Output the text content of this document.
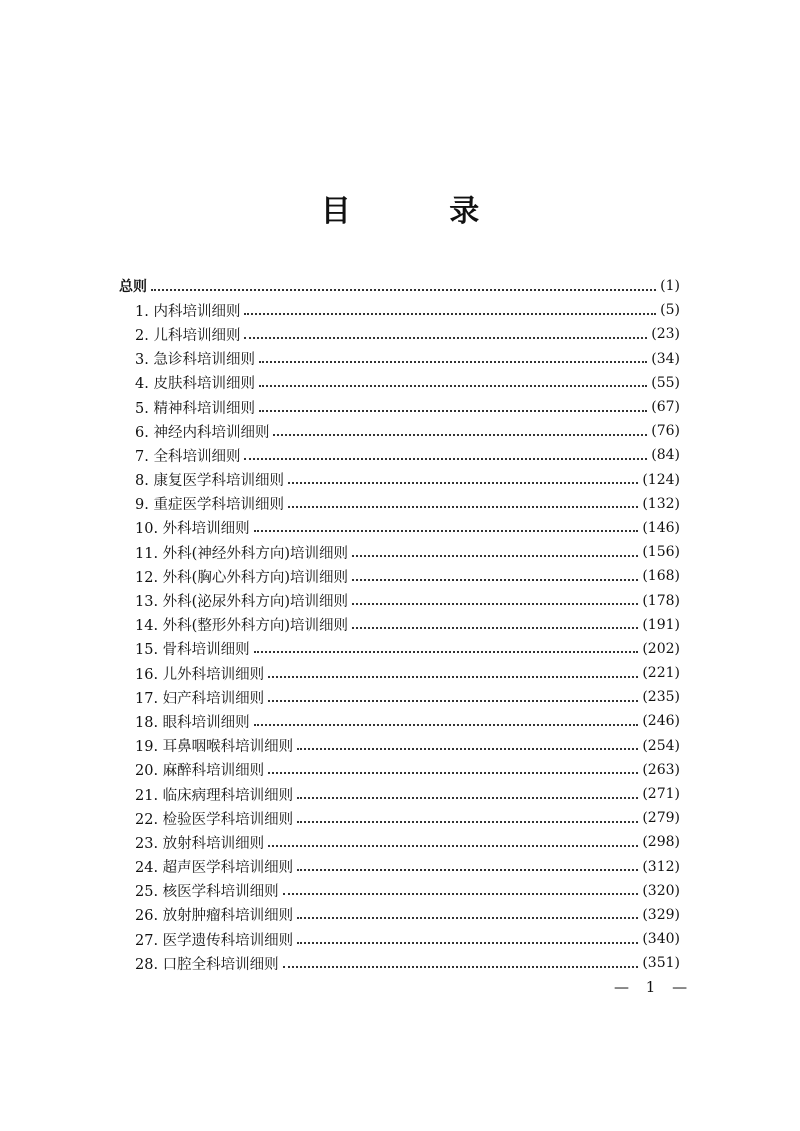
目 录
总则	(1)
1. 内科培训细则	(5)
2. 儿科培训细则	(23)
3. 急诊科培训细则	(34)
4. 皮肤科培训细则	(55)
5. 精神科培训细则	(67)
6. 神经内科培训细则	(76)
7. 全科培训细则	(84)
8. 康复医学科培训细则	(124)
9. 重症医学科培训细则	(132)
10. 外科培训细则	(146)
11. 外科(神经外科方向)培训细则	(156)
12. 外科(胸心外科方向)培训细则	(168)
13. 外科(泌尿外科方向)培训细则	(178)
14. 外科(整形外科方向)培训细则	(191)
15. 骨科培训细则	(202)
16. 儿外科培训细则	(221)
17. 妇产科培训细则	(235)
18. 眼科培训细则	(246)
19. 耳鼻咽喉科培训细则	(254)
20. 麻醉科培训细则	(263)
21. 临床病理科培训细则	(271)
22. 检验医学科培训细则	(279)
23. 放射科培训细则	(298)
24. 超声医学科培训细则	(312)
25. 核医学科培训细则	(320)
26. 放射肿瘤科培训细则	(329)
27. 医学遗传科培训细则	(340)
28. 口腔全科培训细则	(351)
— 1 —
